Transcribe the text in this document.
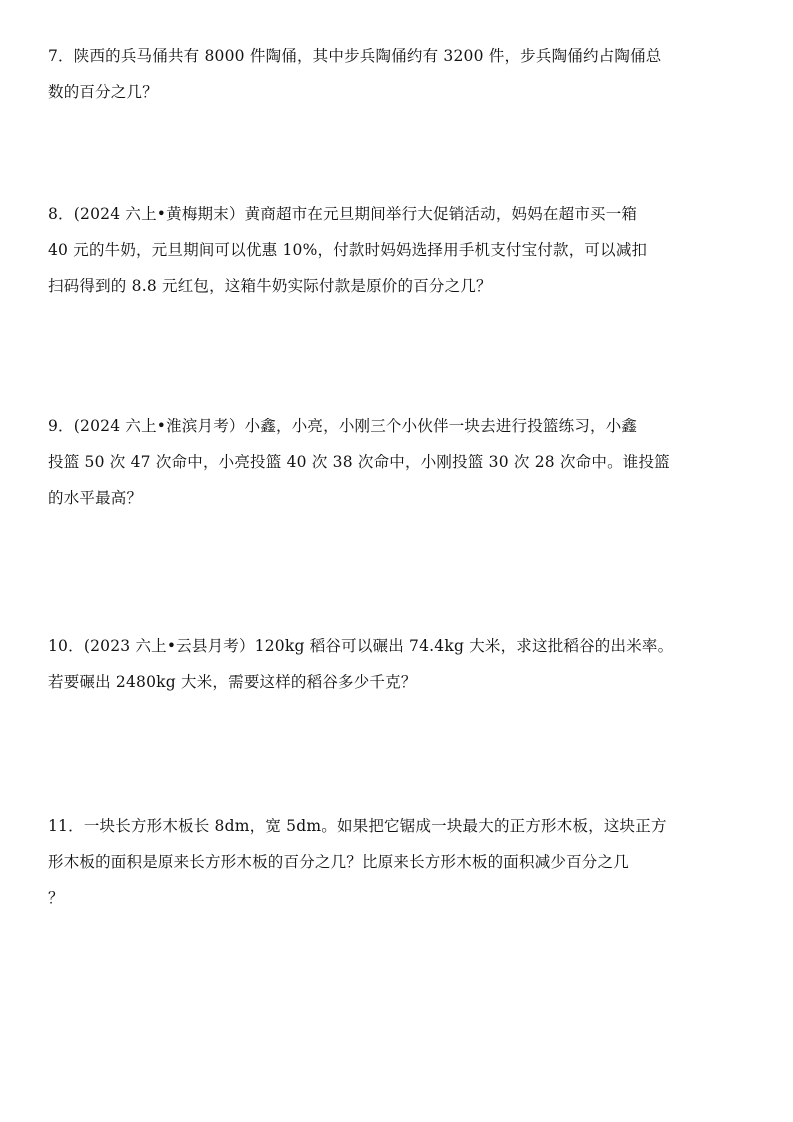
7．陕西的兵马俑共有 8000 件陶俑，其中步兵陶俑约有 3200 件，步兵陶俑约占陶俑总
数的百分之几？
8．(2024 六上•黄梅期末）黄商超市在元旦期间举行大促销活动，妈妈在超市买一箱
40 元的牛奶，元旦期间可以优惠 10%，付款时妈妈选择用手机支付宝付款，可以减扣
扫码得到的 8.8 元红包，这箱牛奶实际付款是原价的百分之几？
9．(2024 六上•淮滨月考）小鑫，小亮，小刚三个小伙伴一块去进行投篮练习，小鑫
投篮 50 次 47 次命中，小亮投篮 40 次 38 次命中，小刚投篮 30 次 28 次命中。谁投篮
的水平最高？
10．(2023 六上•云县月考）120kg 稻谷可以碾出 74.4kg 大米，求这批稻谷的出米率。
若要碾出 2480kg 大米，需要这样的稻谷多少千克？
11．一块长方形木板长 8dm，宽 5dm。如果把它锯成一块最大的正方形木板，这块正方
形木板的面积是原来长方形木板的百分之几？比原来长方形木板的面积减少百分之几
？
